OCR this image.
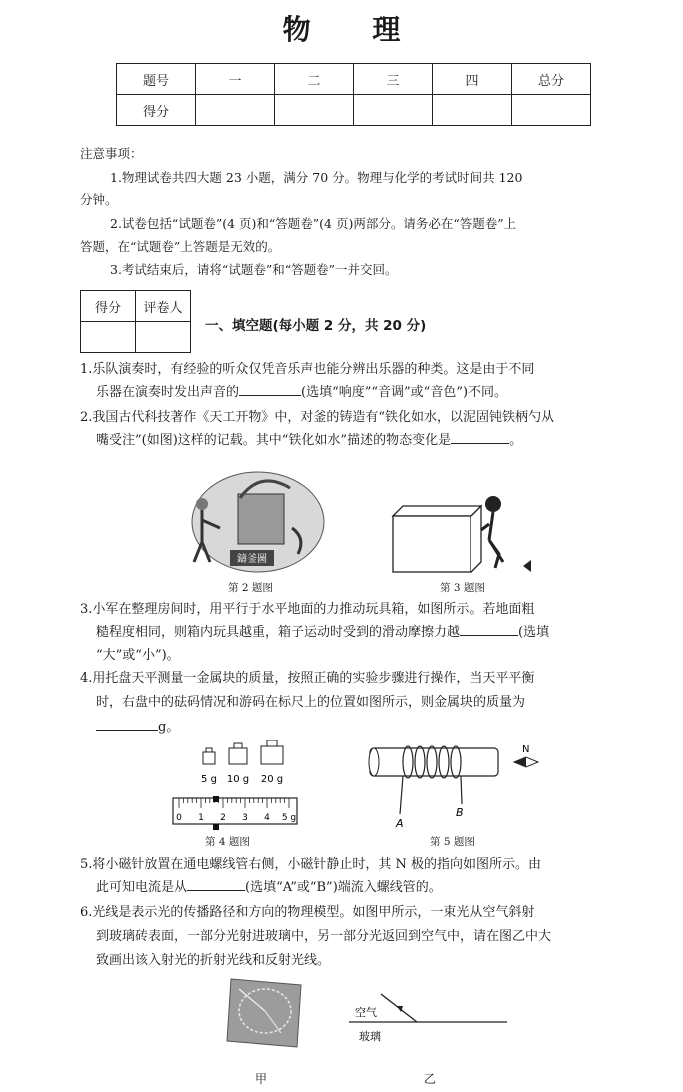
物 理
题号	一	二	三	四	总分
得分					
注意事项：
1.物理试卷共四大题 23 小题，满分 70 分。物理与化学的考试时间共 120
分钟。
2.试卷包括“试题卷”(4 页)和“答题卷”(4 页)两部分。请务必在“答题卷”上
答题，在“试题卷”上答题是无效的。
3.考试结束后，请将“试题卷”和“答题卷”一并交回。
得分	评卷人

一、填空题(每小题 2 分，共 20 分)
1.乐队演奏时，有经验的听众仅凭音乐声也能分辨出乐器的种类。这是由于不同
乐器在演奏时发出声音的	(选填“响度”“音调”或“音色”)不同。
2.我国古代科技著作《天工开物》中，对釜的铸造有“铁化如水，以泥固钝铁柄勺从
嘴受注”(如图)这样的记载。其中“铁化如水”描述的物态变化是	。
鑄釜圖
第 2 题图	第 3 题图
3.小军在整理房间时，用平行于水平地面的力推动玩具箱，如图所示。若地面粗
糙程度相同，则箱内玩具越重，箱子运动时受到的滑动摩擦力越	(选填
“大”或“小”)。
4.用托盘天平测量一金属块的质量，按照正确的实验步骤进行操作，当天平平衡
时，右盘中的砝码情况和游码在标尺上的位置如图所示，则金属块的质量为
g。
5 g 10 g 20 g
0 1 2 3 4 5 g
第 4 题图
A
B
N
第 5 题图
5.将小磁针放置在通电螺线管右侧，小磁针静止时，其 N 极的指向如图所示。由
此可知电流是从	(选填“A”或“B”)端流入螺线管的。
6.光线是表示光的传播路径和方向的物理模型。如图甲所示，一束光从空气斜射
到玻璃砖表面，一部分光射进玻璃中，另一部分光返回到空气中，请在图乙中大
致画出该入射光的折射光线和反射光线。
甲
空气
玻璃
乙
